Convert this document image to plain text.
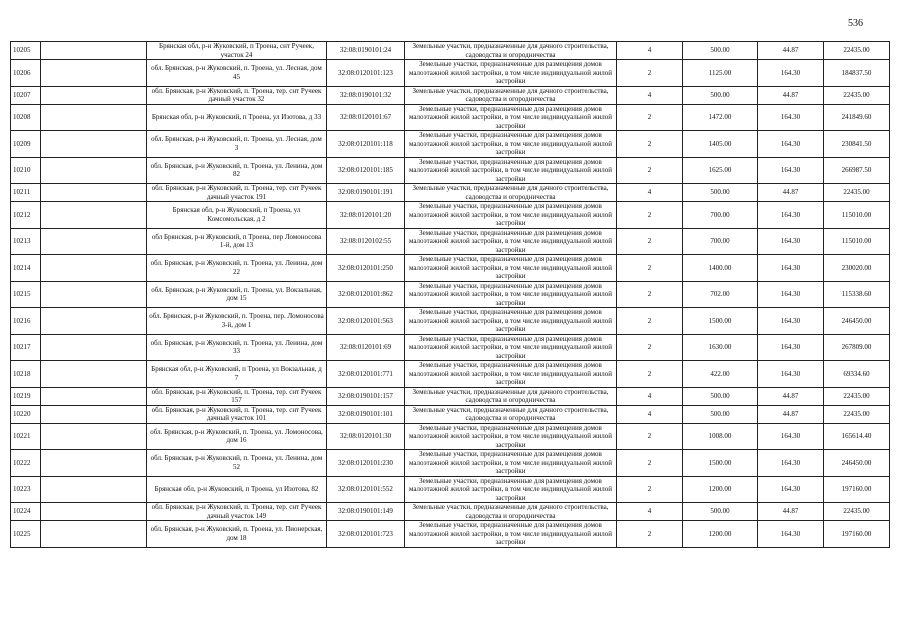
536
10205		Брянская обл, р-н Жуковский, п Троена, снт Ручеек, участок 24	32:08:0190101:24	Земельные участки, предназначенные для дачного строительства, садоводства и огородничества	4	500.00	44.87	22435.00
10206		обл. Брянская, р-н Жуковский, п. Троена, ул. Лесная, дом 45	32:08:0120101:123	Земельные участки, предназначенные для размещения домов малоэтажной жилой застройки, в том числе индивидуальной жилой застройки	2	1125.00	164.30	184837.50
10207		обл. Брянская, р-н Жуковский, п. Троена, тер. снт Ручеек дачный участок 32	32:08:0190101:32	Земельные участки, предназначенные для дачного строительства, садоводства и огородничества	4	500.00	44.87	22435.00
10208		Брянская обл, р-н Жуковский, п Троена, ул Изотова, д 33	32:08:0120101:67	Земельные участки, предназначенные для размещения домов малоэтажной жилой застройки, в том числе индивидуальной жилой застройки	2	1472.00	164.30	241849.60
10209		обл. Брянская, р-н Жуковский, п. Троена, ул. Лесная, дом 3	32:08:0120101:118	Земельные участки, предназначенные для размещения домов малоэтажной жилой застройки, в том числе индивидуальной жилой застройки	2	1405.00	164.30	230841.50
10210		обл. Брянская, р-н Жуковский, п. Троена, ул. Ленина, дом 82	32:08:0120101:185	Земельные участки, предназначенные для размещения домов малоэтажной жилой застройки, в том числе индивидуальной жилой застройки	2	1625.00	164.30	266987.50
10211		обл. Брянская, р-н Жуковский, п. Троена, тер. снт Ручеек дачный участок 191	32:08:0190101:191	Земельные участки, предназначенные для дачного строительства, садоводства и огородничества	4	500.00	44.87	22435.00
10212		Брянская обл, р-н Жуковский, п Троена, ул Комсомольская, д 2	32:08:0120101:20	Земельные участки, предназначенные для размещения домов малоэтажной жилой застройки, в том числе индивидуальной жилой застройки	2	700.00	164.30	115010.00
10213		обл Брянская, р-н Жуковский, п Троена, пер Ломоносова 1-й, дом 13	32:08:0120102:55	Земельные участки, предназначенные для размещения домов малоэтажной жилой застройки, в том числе индивидуальной жилой застройки	2	700.00	164.30	115010.00
10214		обл. Брянская, р-н Жуковский, п. Троена, ул. Ленина, дом 22	32:08:0120101:250	Земельные участки, предназначенные для размещения домов малоэтажной жилой застройки, в том числе индивидуальной жилой застройки	2	1400.00	164.30	230020.00
10215		обл. Брянская, р-н Жуковский, п. Троена, ул. Вокзальная, дом 15	32:08:0120101:862	Земельные участки, предназначенные для размещения домов малоэтажной жилой застройки, в том числе индивидуальной жилой застройки	2	702.00	164.30	115338.60
10216		обл. Брянская, р-н Жуковский, п. Троена, пер. Ломоносова 3-й, дом 1	32:08:0120101:563	Земельные участки, предназначенные для размещения домов малоэтажной жилой застройки, в том числе индивидуальной жилой застройки	2	1500.00	164.30	246450.00
10217		обл. Брянская, р-н Жуковский, п. Троена, ул. Ленина, дом 33	32:08:0120101:69	Земельные участки, предназначенные для размещения домов малоэтажной жилой застройки, в том числе индивидуальной жилой застройки	2	1630.00	164.30	267809.00
10218		Брянская обл, р-н Жуковский, п Троена, ул Вокзальная, д 7	32:08:0120101:771	Земельные участки, предназначенные для размещения домов малоэтажной жилой застройки, в том числе индивидуальной жилой застройки	2	422.00	164.30	69334.60
10219		обл. Брянская, р-н Жуковский, п. Троена, тер. снт Ручеек 157	32:08:0190101:157	Земельные участки, предназначенные для дачного строительства, садоводства и огородничества	4	500.00	44.87	22435.00
10220		обл. Брянская, р-н Жуковский, п. Троена, тер. снт Ручеек дачный участок 101	32:08:0190101:101	Земельные участки, предназначенные для дачного строительства, садоводства и огородничества	4	500.00	44.87	22435.00
10221		обл. Брянская, р-н Жуковский, п. Троена, ул. Ломоносова, дом 16	32:08:0120101:30	Земельные участки, предназначенные для размещения домов малоэтажной жилой застройки, в том числе индивидуальной жилой застройки	2	1008.00	164.30	165614.40
10222		обл. Брянская, р-н Жуковский, п. Троена, ул. Ленина, дом 52	32:08:0120101:230	Земельные участки, предназначенные для размещения домов малоэтажной жилой застройки, в том числе индивидуальной жилой застройки	2	1500.00	164.30	246450.00
10223		Брянская обл, р-н Жуковский, п Троена, ул Изотова, 82	32:08:0120101:552	Земельные участки, предназначенные для размещения домов малоэтажной жилой застройки, в том числе индивидуальной жилой застройки	2	1200.00	164.30	197160.00
10224		обл. Брянская, р-н Жуковский, п. Троена, тер. снт Ручеек дачный участок 149	32:08:0190101:149	Земельные участки, предназначенные для дачного строительства, садоводства и огородничества	4	500.00	44.87	22435.00
10225		обл. Брянская, р-н Жуковский, п. Троена, ул. Пионерская, дом 18	32:08:0120101:723	Земельные участки, предназначенные для размещения домов малоэтажной жилой застройки, в том числе индивидуальной жилой застройки	2	1200.00	164.30	197160.00
